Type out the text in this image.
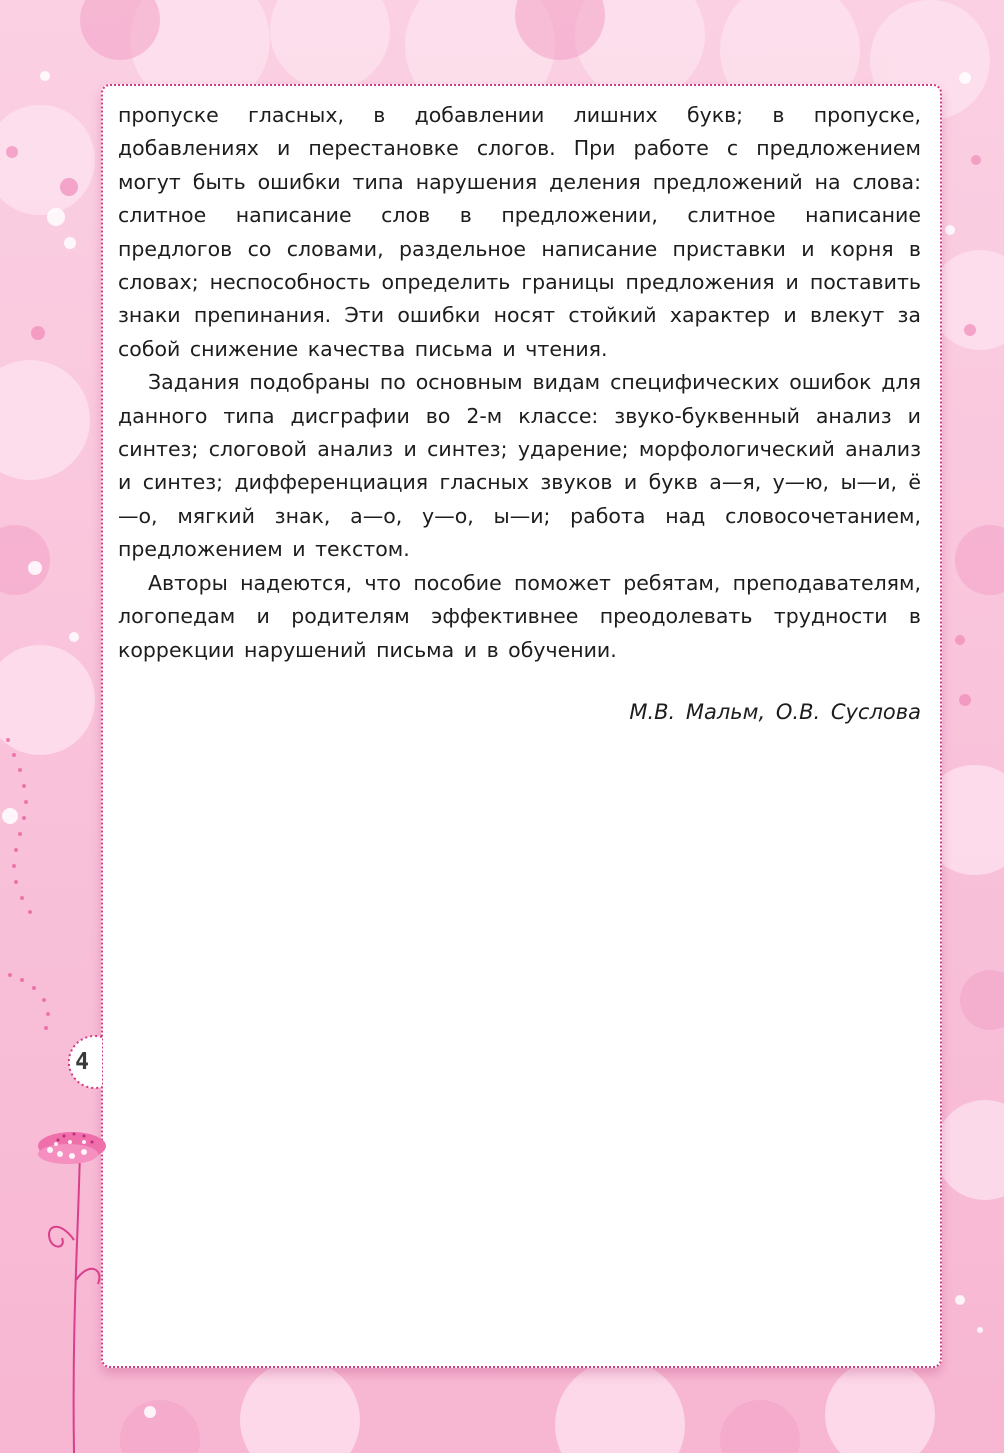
пропуске гласных, в добавлении лишних букв; в пропуске, добавлениях и перестановке слогов. При работе с предложением могут быть ошибки типа нарушения деления предложений на слова: слитное написание слов в предложении, слитное написание предлогов со словами, раздельное написание приставки и корня в словах; неспособность определить границы предложения и поставить знаки препинания. Эти ошибки носят стойкий характер и влекут за собой снижение качества письма и чтения.

Задания подобраны по основным видам специфических ошибок для данного типа дисграфии во 2-м классе: звуко-буквенный анализ и синтез; слоговой анализ и синтез; ударение; морфологический анализ и синтез; дифференциация гласных звуков и букв а—я, у—ю, ы—и, ё—о, мягкий знак, а—о, у—о, ы—и; работа над словосочетанием, предложением и текстом.

Авторы надеются, что пособие поможет ребятам, преподавателям, логопедам и родителям эффективнее преодолевать трудности в коррекции нарушений письма и в обучении.

М.В. Мальм, О.В. Суслова
4
